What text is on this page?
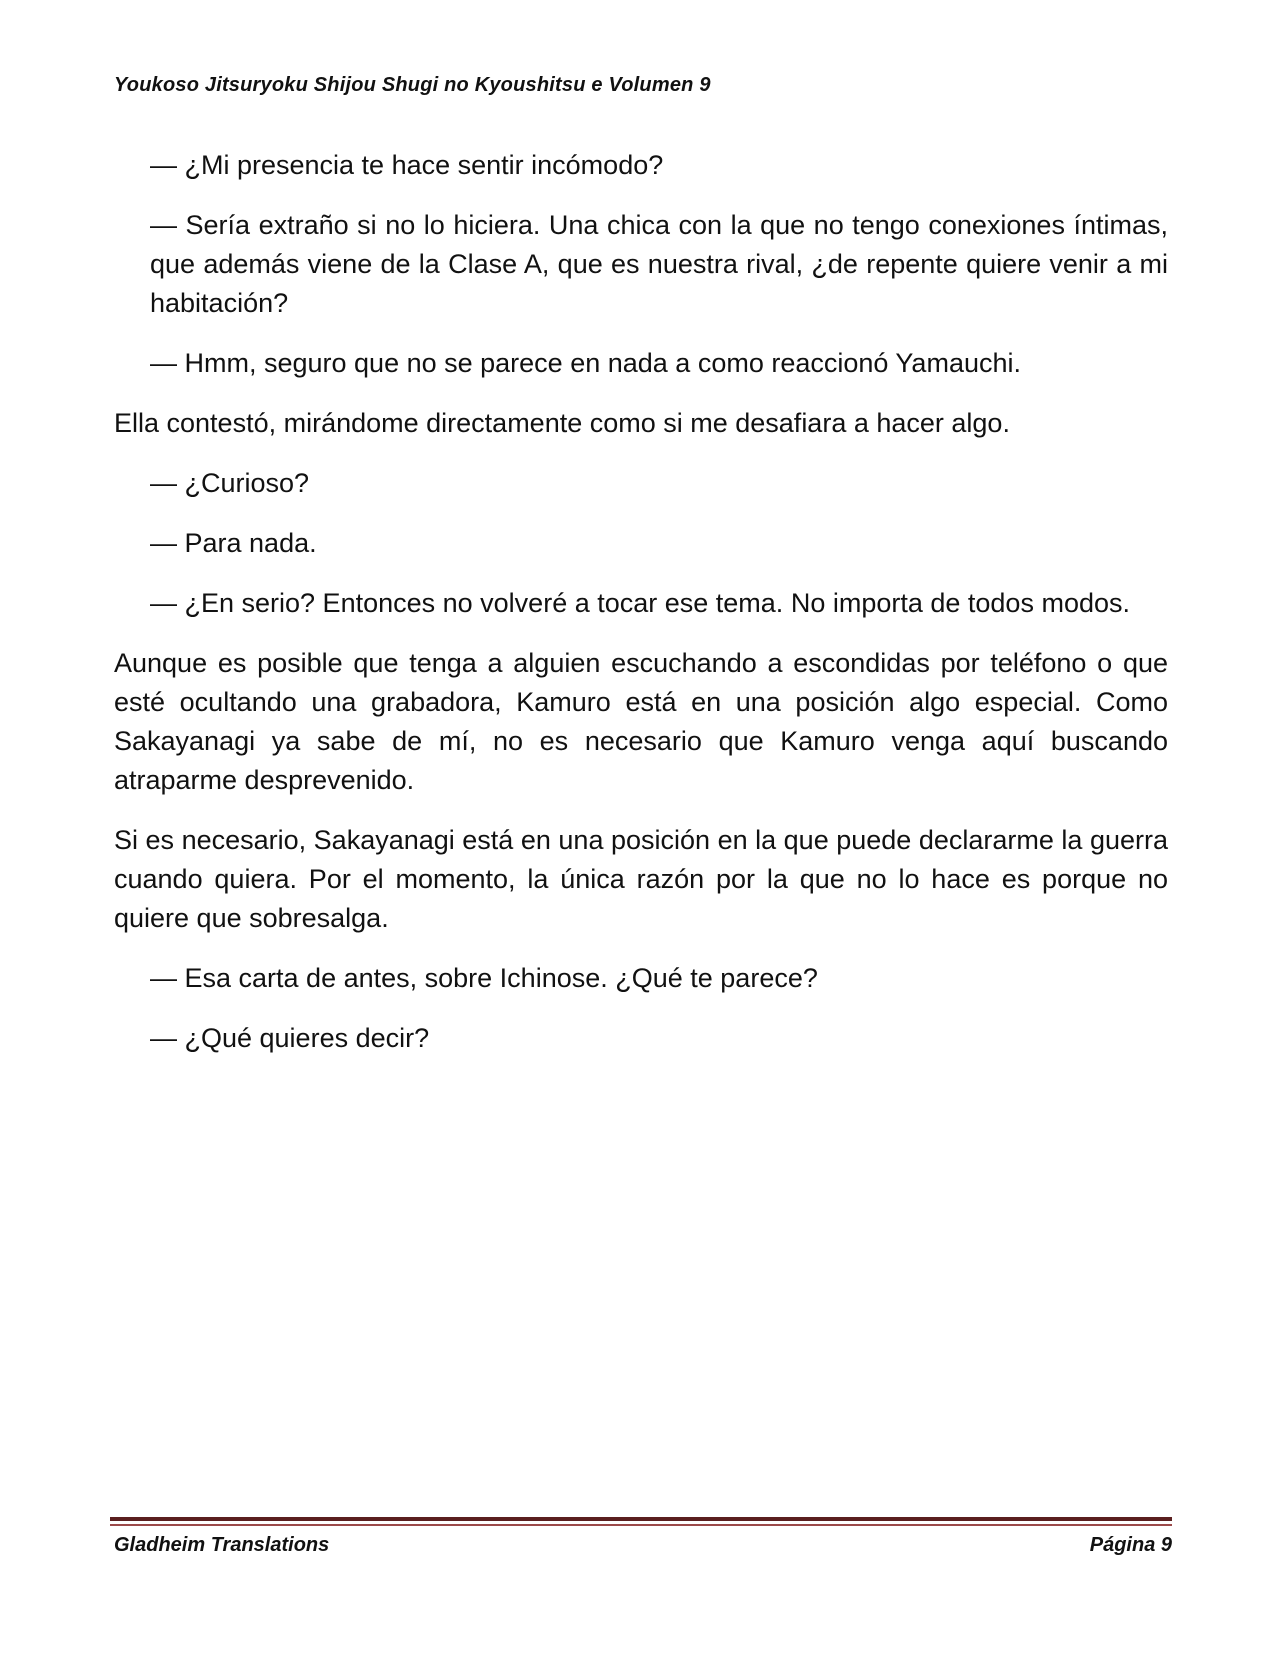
Youkoso Jitsuryoku Shijou Shugi no Kyoushitsu e Volumen 9
— ¿Mi presencia te hace sentir incómodo?
— Sería extraño si no lo hiciera. Una chica con la que no tengo conexiones íntimas, que además viene de la Clase A, que es nuestra rival, ¿de repente quiere venir a mi habitación?
— Hmm, seguro que no se parece en nada a como reaccionó Yamauchi.
Ella contestó, mirándome directamente como si me desafiara a hacer algo.
— ¿Curioso?
— Para nada.
— ¿En serio? Entonces no volveré a tocar ese tema. No importa de todos modos.
Aunque es posible que tenga a alguien escuchando a escondidas por teléfono o que esté ocultando una grabadora, Kamuro está en una posición algo especial. Como Sakayanagi ya sabe de mí, no es necesario que Kamuro venga aquí buscando atraparme desprevenido.
Si es necesario, Sakayanagi está en una posición en la que puede declararme la guerra cuando quiera. Por el momento, la única razón por la que no lo hace es porque no quiere que sobresalga.
— Esa carta de antes, sobre Ichinose. ¿Qué te parece?
— ¿Qué quieres decir?
Gladheim Translations	Página 9
